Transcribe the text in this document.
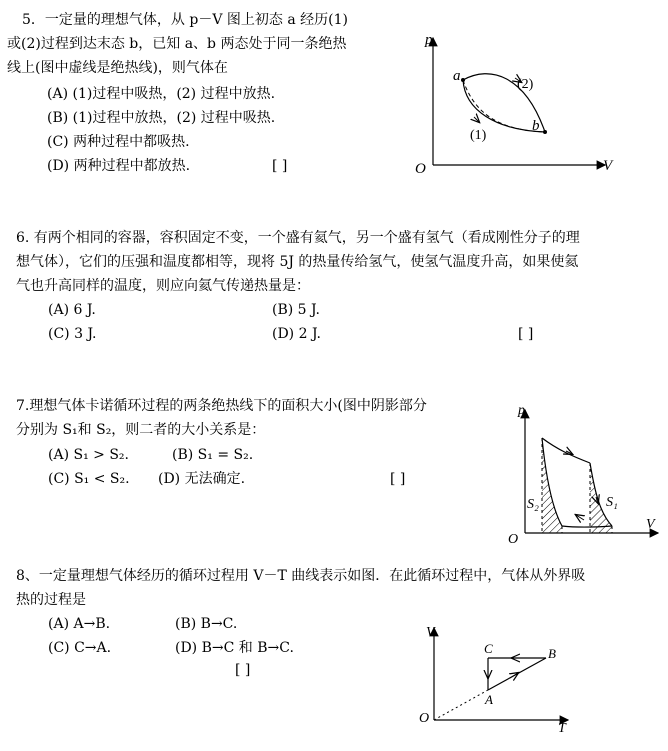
5．一定量的理想气体，从 p－V 图上初态 a 经历(1)
或(2)过程到达末态 b，已知 a、b 两态处于同一条绝热
线上(图中虚线是绝热线)，则气体在
(A) (1)过程中吸热，(2) 过程中放热.
(B) (1)过程中放热，(2) 过程中吸热.
(C) 两种过程中都吸热.
(D) 两种过程中都放热.	[ ]
p
V
O
a
b
(2)
(1)
6. 有两个相同的容器，容积固定不变，一个盛有氦气，另一个盛有氢气（看成刚性分子的理
想气体），它们的压强和温度都相等，现将 5J 的热量传给氢气，使氢气温度升高，如果使氦
气也升高同样的温度，则应向氦气传递热量是：
(A) 6 J.	(B) 5 J.
(C) 3 J.	(D) 2 J.	[ ]
7.理想气体卡诺循环过程的两条绝热线下的面积大小(图中阴影部分
分别为 S₁和 S₂，则二者的大小关系是：
(A) S₁ > S₂.	(B) S₁ = S₂.
(C) S₁ < S₂. (D) 无法确定.	[ ]
p
V
O
S₂	S₁
8、一定量理想气体经历的循环过程用 V－T 曲线表示如图．在此循环过程中，气体从外界吸
热的过程是
(A) A→B.	(B) B→C.
(C) C→A.	(D) B→C 和 B→C.
[ ]
V
T
O
A
B
C
